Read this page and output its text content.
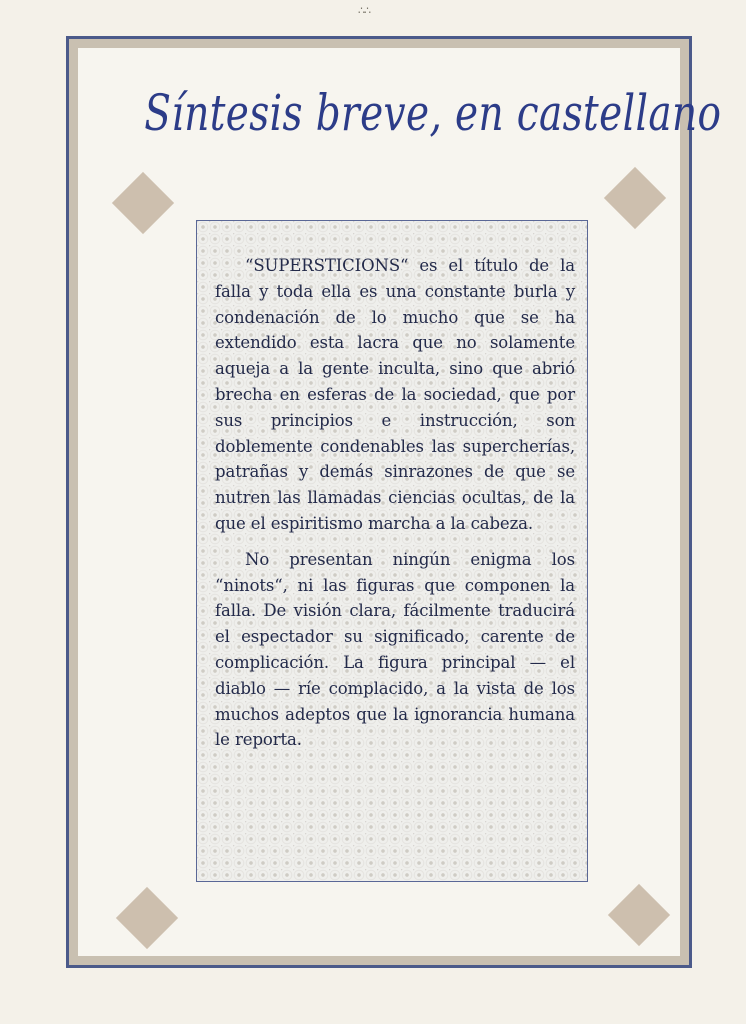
∴∴
Síntesis breve, en castellano

“SUPERSTICIONS“ es el título de la falla y toda ella es una constante burla y condenación de lo mucho que se ha extendido esta lacra que no solamente aqueja a la gente inculta, sino que abrió brecha en esferas de la sociedad, que por sus principios e instrucción, son doblemente condenables las supercherías, patrañas y demás sinrazones de que se nutren las llamadas ciencias ocultas, de la que el espiritismo marcha a la cabeza.

No presentan ningún enigma los “ninots“, ni las figuras que componen la falla. De visión clara, fácilmente traducirá el espectador su significado, carente de complicación. La figura principal — el diablo — ríe complacido, a la vista de los muchos adeptos que la ignorancia humana le reporta.
